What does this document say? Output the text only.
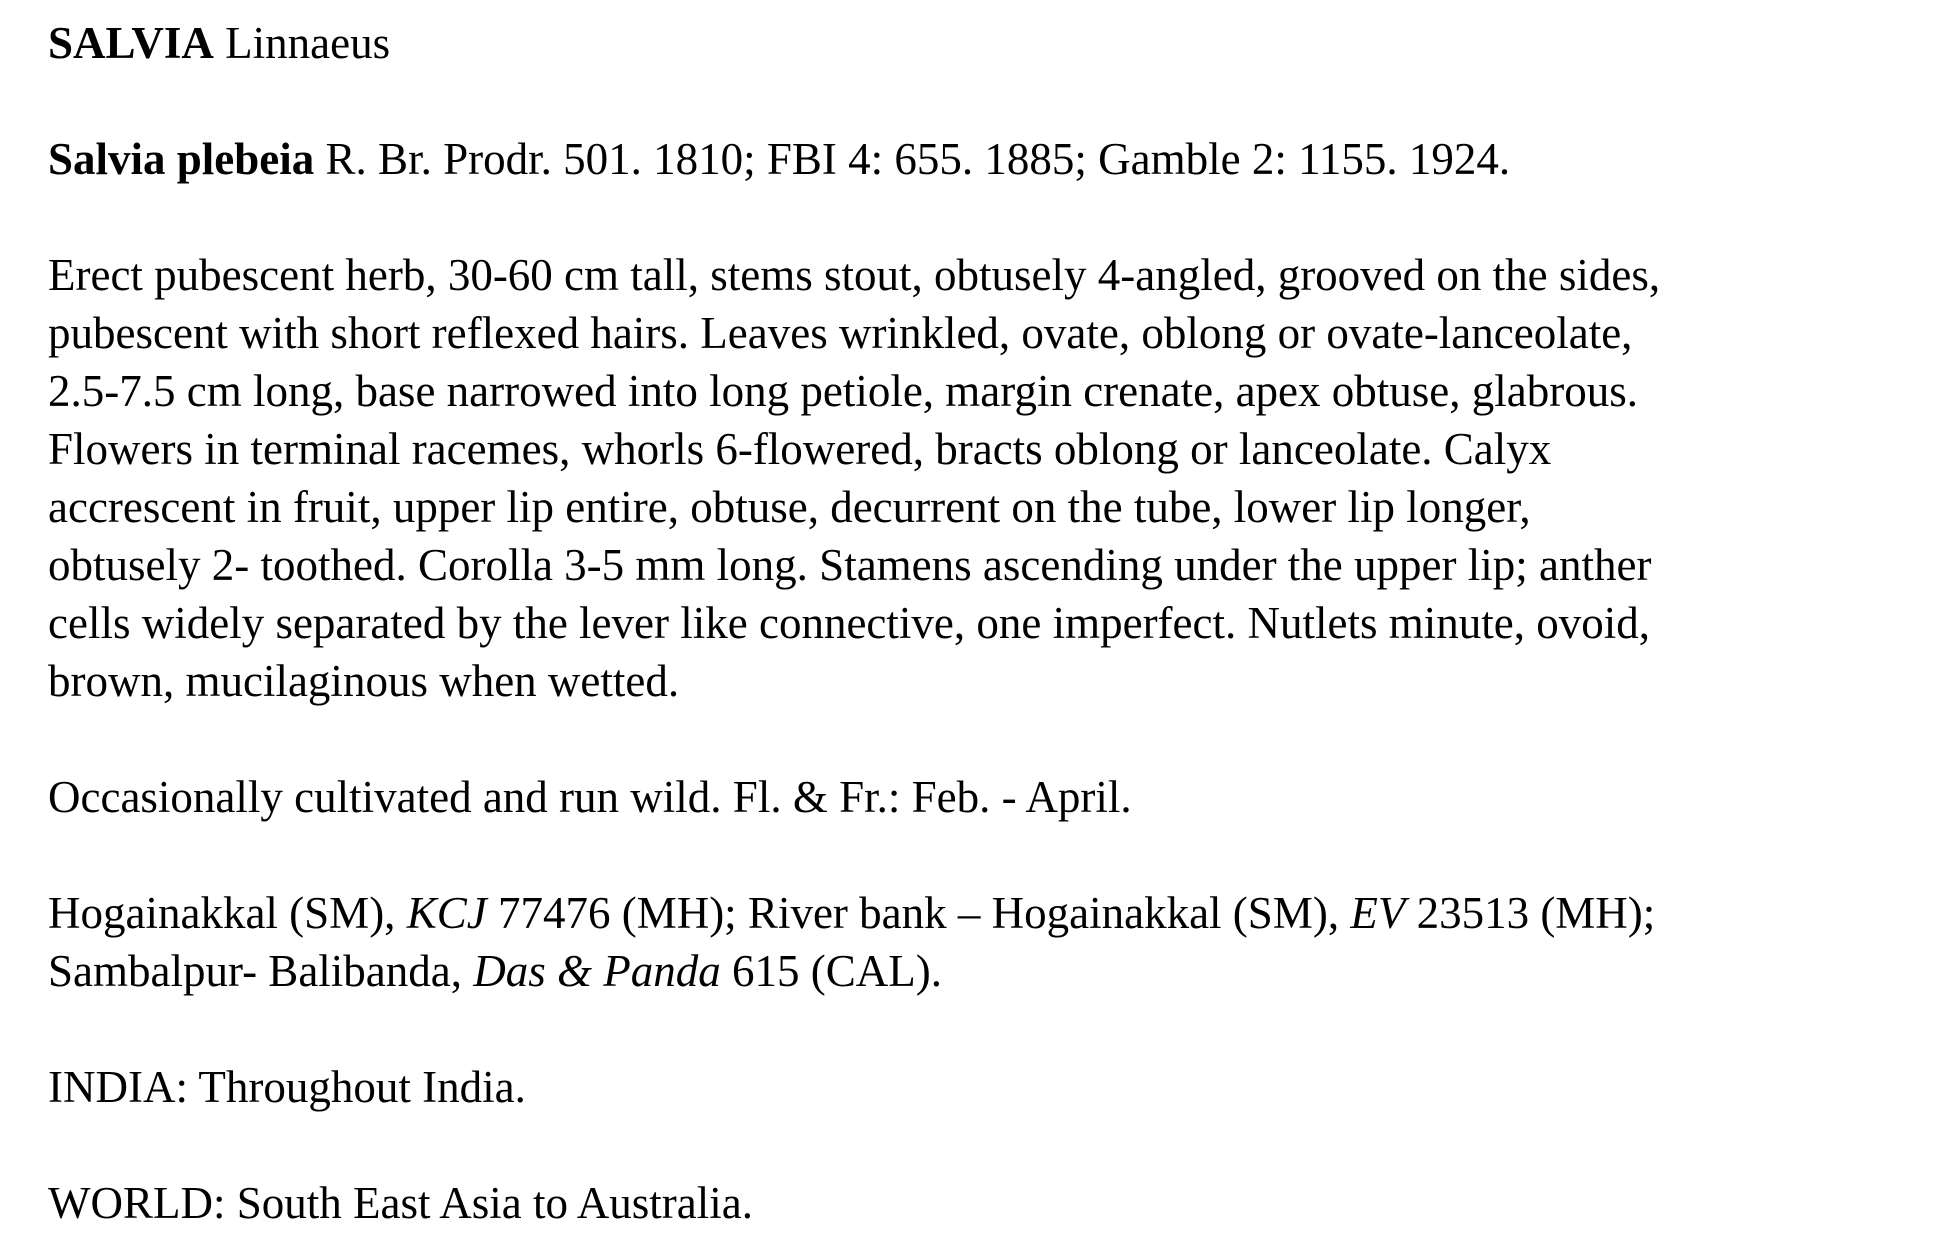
SALVIA Linnaeus

Salvia plebeia R. Br. Prodr. 501. 1810; FBI 4: 655. 1885; Gamble 2: 1155. 1924.

Erect pubescent herb, 30-60 cm tall, stems stout, obtusely 4-angled, grooved on the sides,
pubescent with short reflexed hairs. Leaves wrinkled, ovate, oblong or ovate-lanceolate,
2.5-7.5 cm long, base narrowed into long petiole, margin crenate, apex obtuse, glabrous.
Flowers in terminal racemes, whorls 6-flowered, bracts oblong or lanceolate. Calyx
accrescent in fruit, upper lip entire, obtuse, decurrent on the tube, lower lip longer,
obtusely 2- toothed. Corolla 3-5 mm long. Stamens ascending under the upper lip; anther
cells widely separated by the lever like connective, one imperfect. Nutlets minute, ovoid,
brown, mucilaginous when wetted.

Occasionally cultivated and run wild. Fl. & Fr.: Feb. - April.

Hogainakkal (SM), KCJ 77476 (MH); River bank – Hogainakkal (SM), EV 23513 (MH);
Sambalpur- Balibanda, Das & Panda 615 (CAL).

INDIA: Throughout India.

WORLD: South East Asia to Australia.
